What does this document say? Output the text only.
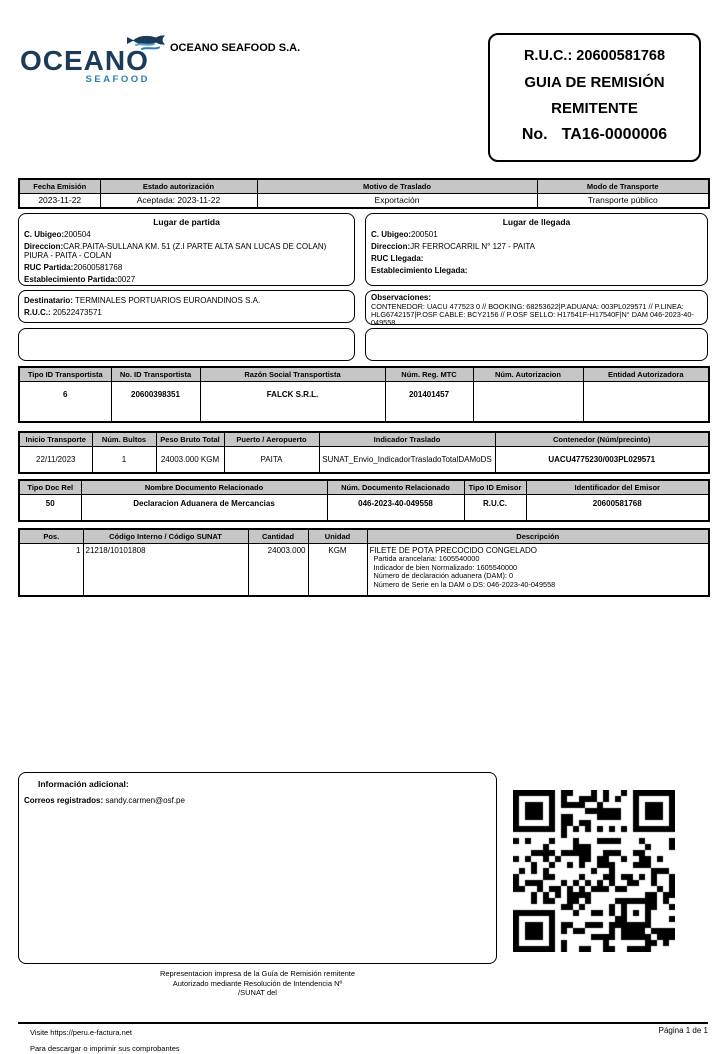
OCEANO
SEAFOOD
OCEANO SEAFOOD S.A.	R.U.C.: 20600581768
GUIA DE REMISIÓN
REMITENTE
No. TA16-0000006
Fecha Emisión	Estado autorización	Motivo de Traslado	Modo de Transporte
2023-11-22	Aceptada: 2023-11-22	Exportación	Transporte público
Lugar de partida
C. Ubigeo:200504
Direccion:CAR.PAITA-SULLANA KM. 51 (Z.I PARTE ALTA SAN LUCAS DE COLAN) PIURA - PAITA - COLAN
RUC Partida:20600581768
Establecimiento Partida:0027
Lugar de llegada
C. Ubigeo:200501
Direccion:JR FERROCARRIL N° 127 - PAITA
RUC Llegada:
Establecimiento Llegada:
Destinatario: TERMINALES PORTUARIOS EUROANDINOS S.A.
R.U.C.: 20522473571
Observaciones:
CONTENEDOR: UACU 477523 0 // BOOKING: 68253622|P.ADUANA: 003PL029571 // P.LINEA: HLG6742157|P.OSF CABLE: BCY2156 // P.OSF SELLO: H17541F-H17540F|N° DAM 046-2023-40-049558
Tipo ID Transportista	No. ID Transportista	Razón Social Transportista	Núm. Reg. MTC	Núm. Autorizacion	Entidad Autorizadora
6	20600398351	FALCK S.R.L.	201401457		
Inicio Transporte	Núm. Bultos	Peso Bruto Total	Puerto / Aeropuerto	Indicador Traslado	Contenedor (Núm/precinto)
22/11/2023	1	24003.000 KGM	PAITA	SUNAT_Envio_IndicadorTrasladoTotalDAMoDS	UACU4775230/003PL029571
Tipo Doc Rel	Nombre Documento Relacionado	Núm. Documento Relacionado	Tipo ID Emisor	Identificador del Emisor
50	Declaracion Aduanera de Mercancias	046-2023-40-049558	R.U.C.	20600581768
Pos.	Código Interno / Código SUNAT	Cantidad	Unidad	Descripción
1	21218/10101808	24003.000	KGM	FILETE DE POTA PRECOCIDO CONGELADO
Partida arancelaria: 1605540000
Indicador de bien Normalizado: 1605540000
Número de declaración aduanera (DAM): 0
Número de Serie en la DAM o DS: 046-2023-40-049558
Información adicional:
Correos registrados: sandy.carmen@osf.pe
Representacion impresa de la Guía de Remisión remitente
Autorizado mediante Resolución de Intendencia Nº
/SUNAT del
Visite https://peru.e-factura.net
Para descargar o imprimir sus comprobantes
Página 1 de 1
